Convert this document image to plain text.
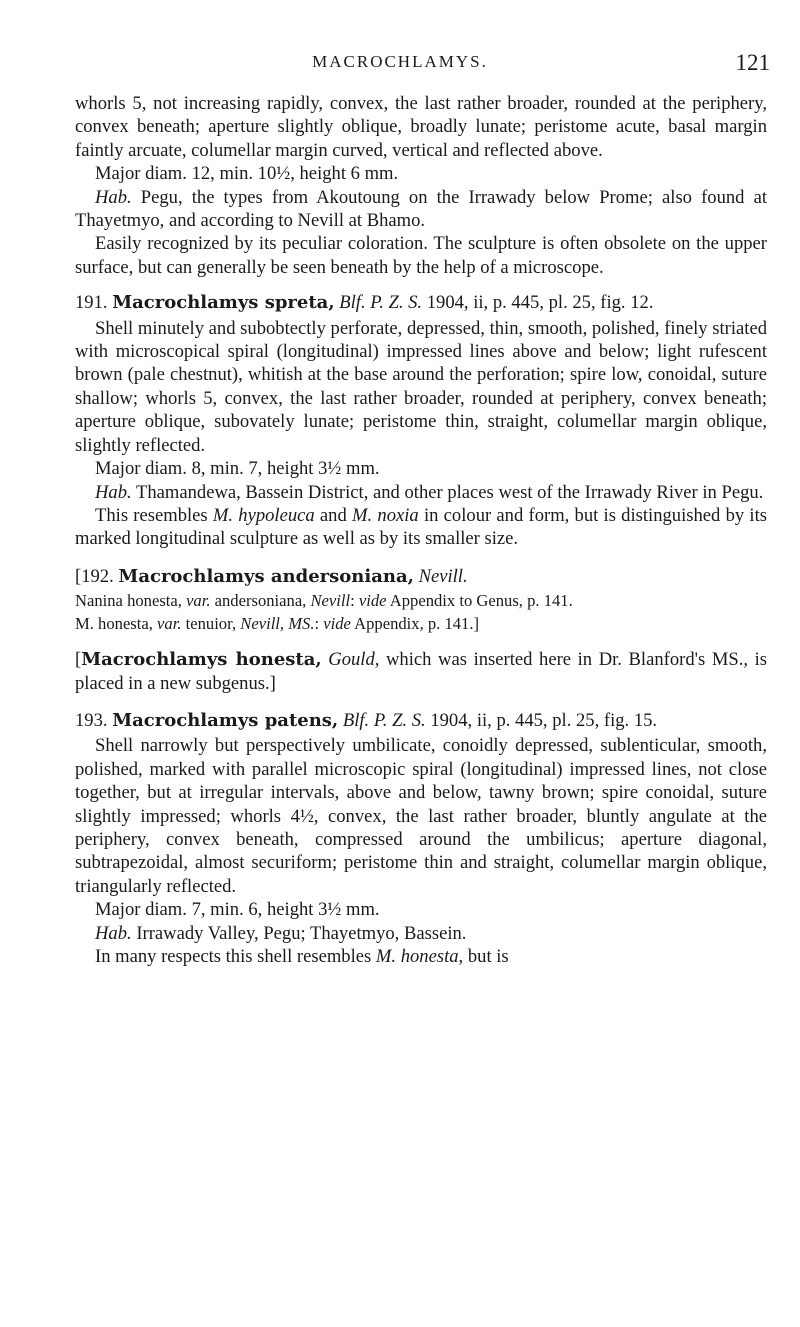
MACROCHLAMYS.	121

whorls 5, not increasing rapidly, convex, the last rather broader, rounded at the periphery, convex beneath; aperture slightly oblique, broadly lunate; peristome acute, basal margin faintly arcuate, columellar margin curved, vertical and reflected above.

Major diam. 12, min. 10½, height 6 mm.

Hab. Pegu, the types from Akoutoung on the Irrawady below Prome; also found at Thayetmyo, and according to Nevill at Bhamo.

Easily recognized by its peculiar coloration. The sculpture is often obsolete on the upper surface, but can generally be seen beneath by the help of a microscope.

191. Macrochlamys spreta, Blf. P. Z. S. 1904, ii, p. 445, pl. 25, fig. 12.

Shell minutely and subobtectly perforate, depressed, thin, smooth, polished, finely striated with microscopical spiral (longitudinal) impressed lines above and below; light rufescent brown (pale chestnut), whitish at the base around the perforation; spire low, conoidal, suture shallow; whorls 5, convex, the last rather broader, rounded at periphery, convex beneath; aperture oblique, subovately lunate; peristome thin, straight, columellar margin oblique, slightly reflected.

Major diam. 8, min. 7, height 3½ mm.

Hab. Thamandewa, Bassein District, and other places west of the Irrawady River in Pegu.

This resembles M. hypoleuca and M. noxia in colour and form, but is distinguished by its marked longitudinal sculpture as well as by its smaller size.

[192. Macrochlamys andersoniana, Nevill.

Nanina honesta, var. andersoniana, Nevill: vide Appendix to Genus, p. 141.

M. honesta, var. tenuior, Nevill, MS.: vide Appendix, p. 141.]

[Macrochlamys honesta, Gould, which was inserted here in Dr. Blanford's MS., is placed in a new subgenus.]

193. Macrochlamys patens, Blf. P. Z. S. 1904, ii, p. 445, pl. 25, fig. 15.

Shell narrowly but perspectively umbilicate, conoidly depressed, sublenticular, smooth, polished, marked with parallel microscopic spiral (longitudinal) impressed lines, not close together, but at irregular intervals, above and below, tawny brown; spire conoidal, suture slightly impressed; whorls 4½, convex, the last rather broader, bluntly angulate at the periphery, convex beneath, compressed around the umbilicus; aperture diagonal, subtrapezoidal, almost securiform; peristome thin and straight, columellar margin oblique, triangularly reflected.

Major diam. 7, min. 6, height 3½ mm.

Hab. Irrawady Valley, Pegu; Thayetmyo, Bassein.

In many respects this shell resembles M. honesta, but is
